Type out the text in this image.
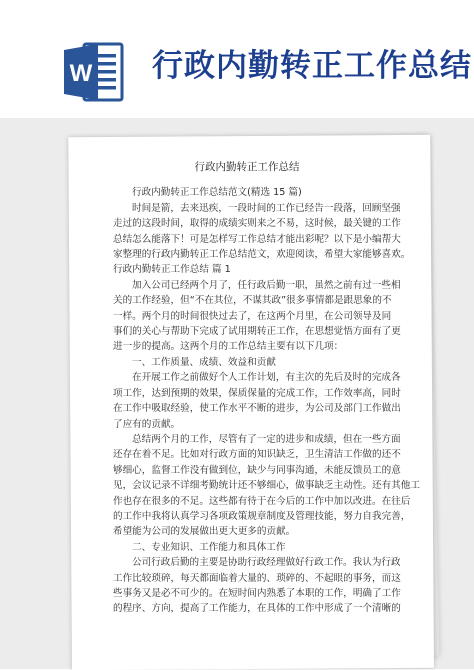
W 行政内勤转正工作总结
行政内勤转正工作总结
行政内勤转正工作总结范文(精选 15 篇)
时间是箭，去来迅疾，一段时间的工作已经告一段落，回顾坚强
走过的这段时间，取得的成绩实则来之不易，这时候，最关键的工作
总结怎么能落下！可是怎样写工作总结才能出彩呢？以下是小编帮大
家整理的行政内勤转正工作总结范文，欢迎阅读，希望大家能够喜欢。
行政内勤转正工作总结 篇 1
加入公司已经两个月了，任行政后勤一职，虽然之前有过一些相
关的工作经验，但“不在其位，不谋其政”很多事情都是跟思象的不
一样。两个月的时间很快过去了，在这两个月里，在公司领导及同
事们的关心与帮助下完成了试用期转正工作，在思想觉悟方面有了更
进一步的提高。这两个月的工作总结主要有以下几项：
一、工作质量、成绩、效益和贡献
在开展工作之前做好个人工作计划，有主次的先后及时的完成各
项工作，达到预期的效果，保质保量的完成工作，工作效率高，同时
在工作中吸取经验，使工作水平不断的进步，为公司及部门工作做出
了应有的贡献。
总结两个月的工作，尽管有了一定的进步和成绩，但在一些方面
还存在着不足。比如对行政方面的知识缺乏，卫生清洁工作做的还不
够细心，监督工作没有做到位，缺少与同事沟通，未能反馈员工的意
见，会议记录不详细考勤统计还不够细心，做事缺乏主动性。还有其他工
作也存在很多的不足。这些都有待于在今后的工作中加以改进。在往后
的工作中我将认真学习各项政策规章制度及管理技能，努力自我完善，
希望能为公司的发展做出更大更多的贡献。
二、专业知识、工作能力和具体工作
公司行政后勤的主要是协助行政经理做好行政工作。我认为行政
工作比较琐碎，每天都面临着大量的、琐碎的、不起眼的事务，而这
些事务又是必不可少的。在短时间内熟悉了本职的工作，明确了工作
的程序、方向，提高了工作能力，在具体的工作中形成了一个清晰的
